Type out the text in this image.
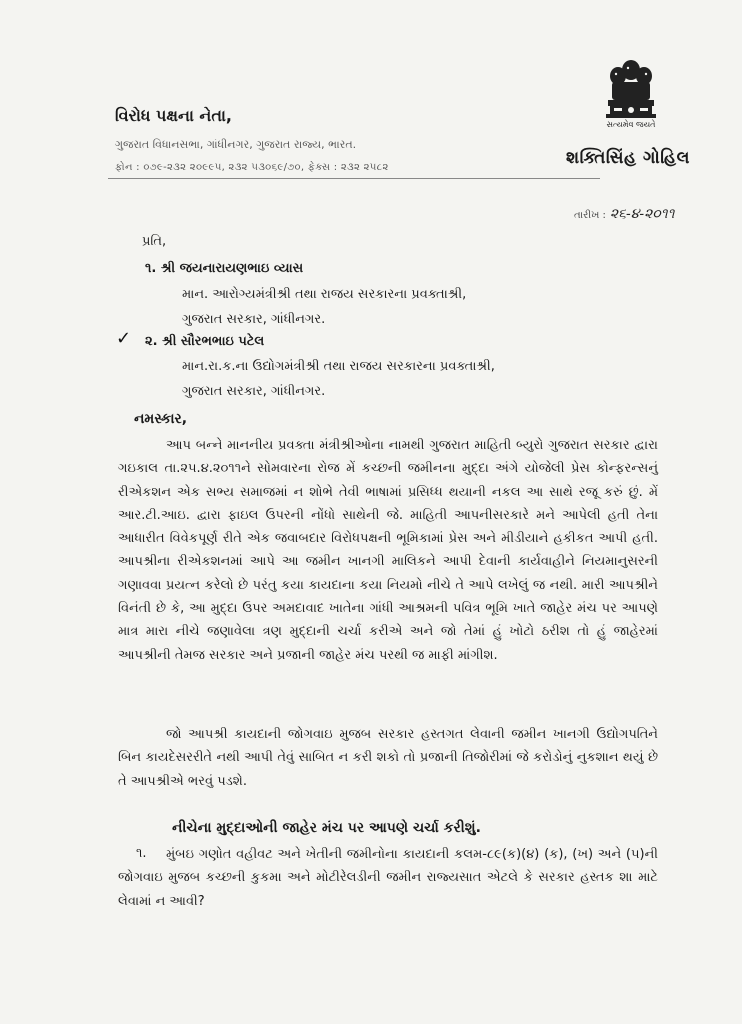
વિરોધ પક્ષના નેતા,
ગુજરાત વિધાનસભા, ગાંધીનગર, ગુજરાત રાજ્ય, ભારત.
ફોન : ૦૭૯-૨૩૨ ૨૦૯૯૫, ૨૩૨ ૫૩૦૬૯/૭૦, ફેક્સ : ૨૩૨ ૨૫૮૨
સત્યમેવ જયતે
શક્તિસિંહ ગોહિલ
તારીખ : ૨૬-૪-૨૦૧૧
પ્રતિ,
૧. શ્રી જયનારાયણભાઇ વ્યાસ
માન. આરોગ્યમંત્રીશ્રી તથા રાજય સરકારના પ્રવક્તાશ્રી,
ગુજરાત સરકાર, ગાંધીનગર.
✓ ૨. શ્રી સૌરભભાઇ પટેલ
માન.રા.ક.ના ઉદ્યોગમંત્રીશ્રી તથા રાજય સરકારના પ્રવક્તાશ્રી,
ગુજરાત સરકાર, ગાંધીનગર.
નમસ્કાર,
આપ બન્ને માનનીય પ્રવક્તા મંત્રીશ્રીઓના નામથી ગુજરાત માહિતી બ્યુરો ગુજરાત સરકાર દ્વારા ગઇકાલ તા.૨૫.૪.૨૦૧૧ને સોમવારના રોજ મેં કચ્છની જમીનના મુદ્દા અંગે યોજેલી પ્રેસ કોન્ફરન્સનું રીએકશન એક સભ્ય સમાજમાં ન શોભે તેવી ભાષામાં પ્રસિધ્ધ થયાની નકલ આ સાથે રજૂ કરું છું. મેં આર.ટી.આઇ. દ્વારા ફાઇલ ઉપરની નોંધો સાથેની જે. માહિતી આપનીસરકારે મને આપેલી હતી તેના આધારીત વિવેકપૂર્ણ રીતે એક જવાબદાર વિરોધપક્ષની ભૂમિકામાં પ્રેસ અને મીડીયાને હકીકત આપી હતી. આપશ્રીના રીએકશનમાં આપે આ જમીન ખાનગી માલિકને આપી દેવાની કાર્યવાહીને નિયમાનુસરની ગણાવવા પ્રયત્ન કરેલો છે પરંતુ કયા કાયદાના કયા નિયમો નીચે તે આપે લખેલું જ નથી. મારી આપશ્રીને વિનંતી છે કે, આ મુદ્દા ઉપર અમદાવાદ ખાતેના ગાંધી આશ્રમની પવિત્ર ભૂમિ ખાતે જાહેર મંચ પર આપણે માત્ર મારા નીચે જણાવેલા ત્રણ મુદ્દાની ચર્ચા કરીએ અને જો તેમાં હું ખોટો ઠરીશ તો હું જાહેરમાં આપશ્રીની તેમજ સરકાર અને પ્રજાની જાહેર મંચ પરથી જ માફી માંગીશ.
જો આપશ્રી કાયદાની જોગવાઇ મુજબ સરકાર હસ્તગત લેવાની જમીન ખાનગી ઉદ્યોગપતિને બિન કાયદેસરરીતે નથી આપી તેવું સાબિત ન કરી શકો તો પ્રજાની તિજોરીમાં જે કરોડોનું નુકશાન થયું છે તે આપશ્રીએ ભરવું પડશે.
નીચેના મુદ્દાઓની જાહેર મંચ પર આપણે ચર્ચા કરીશું.
૧.	મુંબઇ ગણોત વહીવટ અને ખેતીની જમીનોના કાયદાની કલમ-૮૯(ક)(૪) (ક), (ખ) અને (૫)ની જોગવાઇ મુજબ કચ્છની કુકમા અને મોટીરેલડીની જમીન રાજ્યસાત એટલે કે સરકાર હસ્તક શા માટે લેવામાં ન આવી?
